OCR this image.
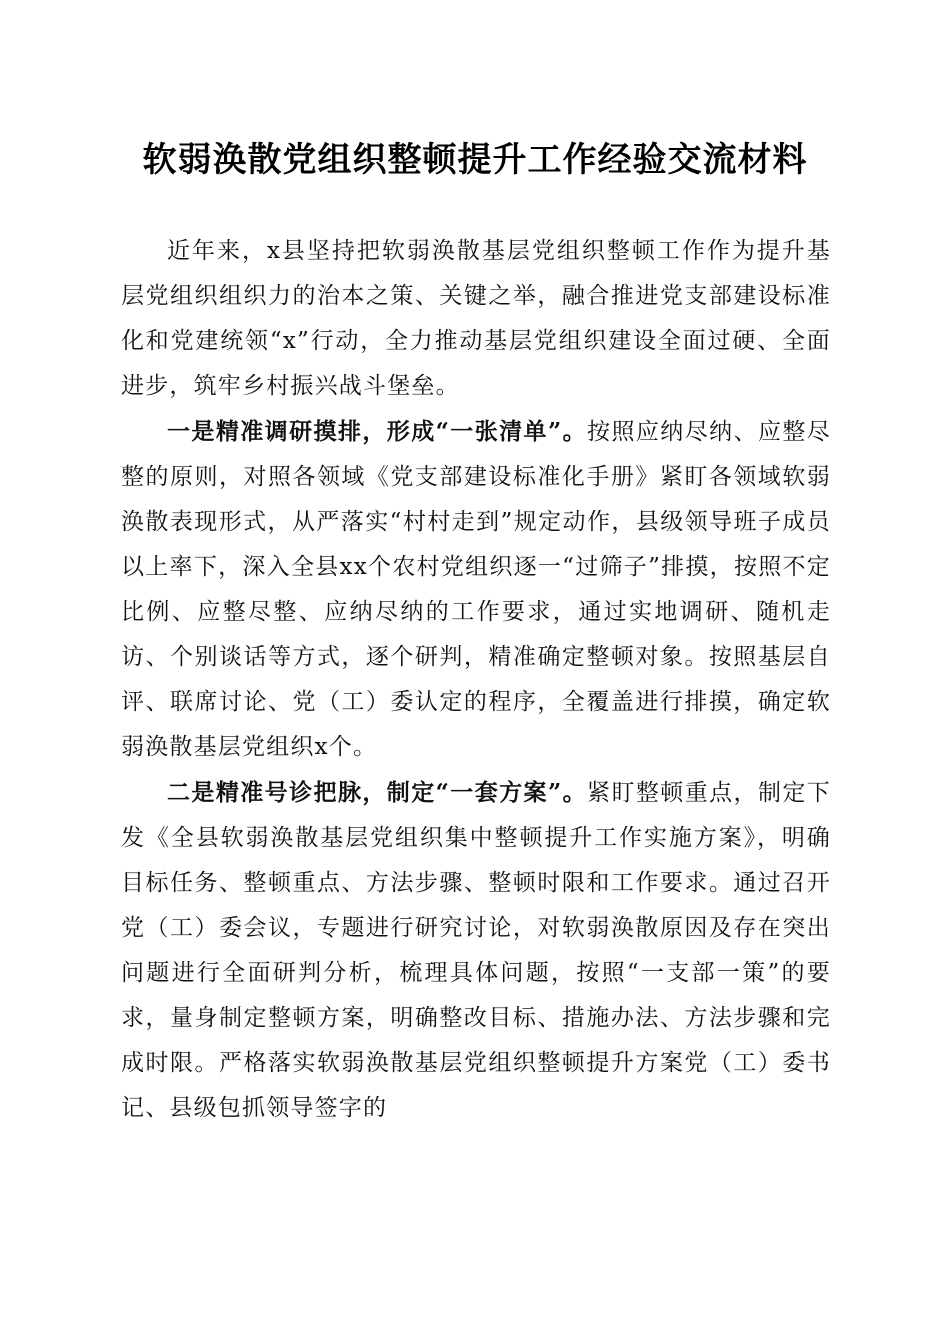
软弱涣散党组织整顿提升工作经验交流材料

近年来，x县坚持把软弱涣散基层党组织整顿工作作为提升基层党组织组织力的治本之策、关键之举，融合推进党支部建设标准化和党建统领“x”行动，全力推动基层党组织建设全面过硬、全面进步，筑牢乡村振兴战斗堡垒。

一是精准调研摸排，形成“一张清单”。按照应纳尽纳、应整尽整的原则，对照各领域《党支部建设标准化手册》紧盯各领域软弱涣散表现形式，从严落实“村村走到”规定动作，县级领导班子成员以上率下，深入全县xx个农村党组织逐一“过筛子”排摸，按照不定比例、应整尽整、应纳尽纳的工作要求，通过实地调研、随机走访、个别谈话等方式，逐个研判，精准确定整顿对象。按照基层自评、联席讨论、党（工）委认定的程序，全覆盖进行排摸，确定软弱涣散基层党组织x个。

二是精准号诊把脉，制定“一套方案”。紧盯整顿重点，制定下发《全县软弱涣散基层党组织集中整顿提升工作实施方案》，明确目标任务、整顿重点、方法步骤、整顿时限和工作要求。通过召开党（工）委会议，专题进行研究讨论，对软弱涣散原因及存在突出问题进行全面研判分析，梳理具体问题，按照“一支部一策”的要求，量身制定整顿方案，明确整改目标、措施办法、方法步骤和完成时限。严格落实软弱涣散基层党组织整顿提升方案党（工）委书记、县级包抓领导签字的
